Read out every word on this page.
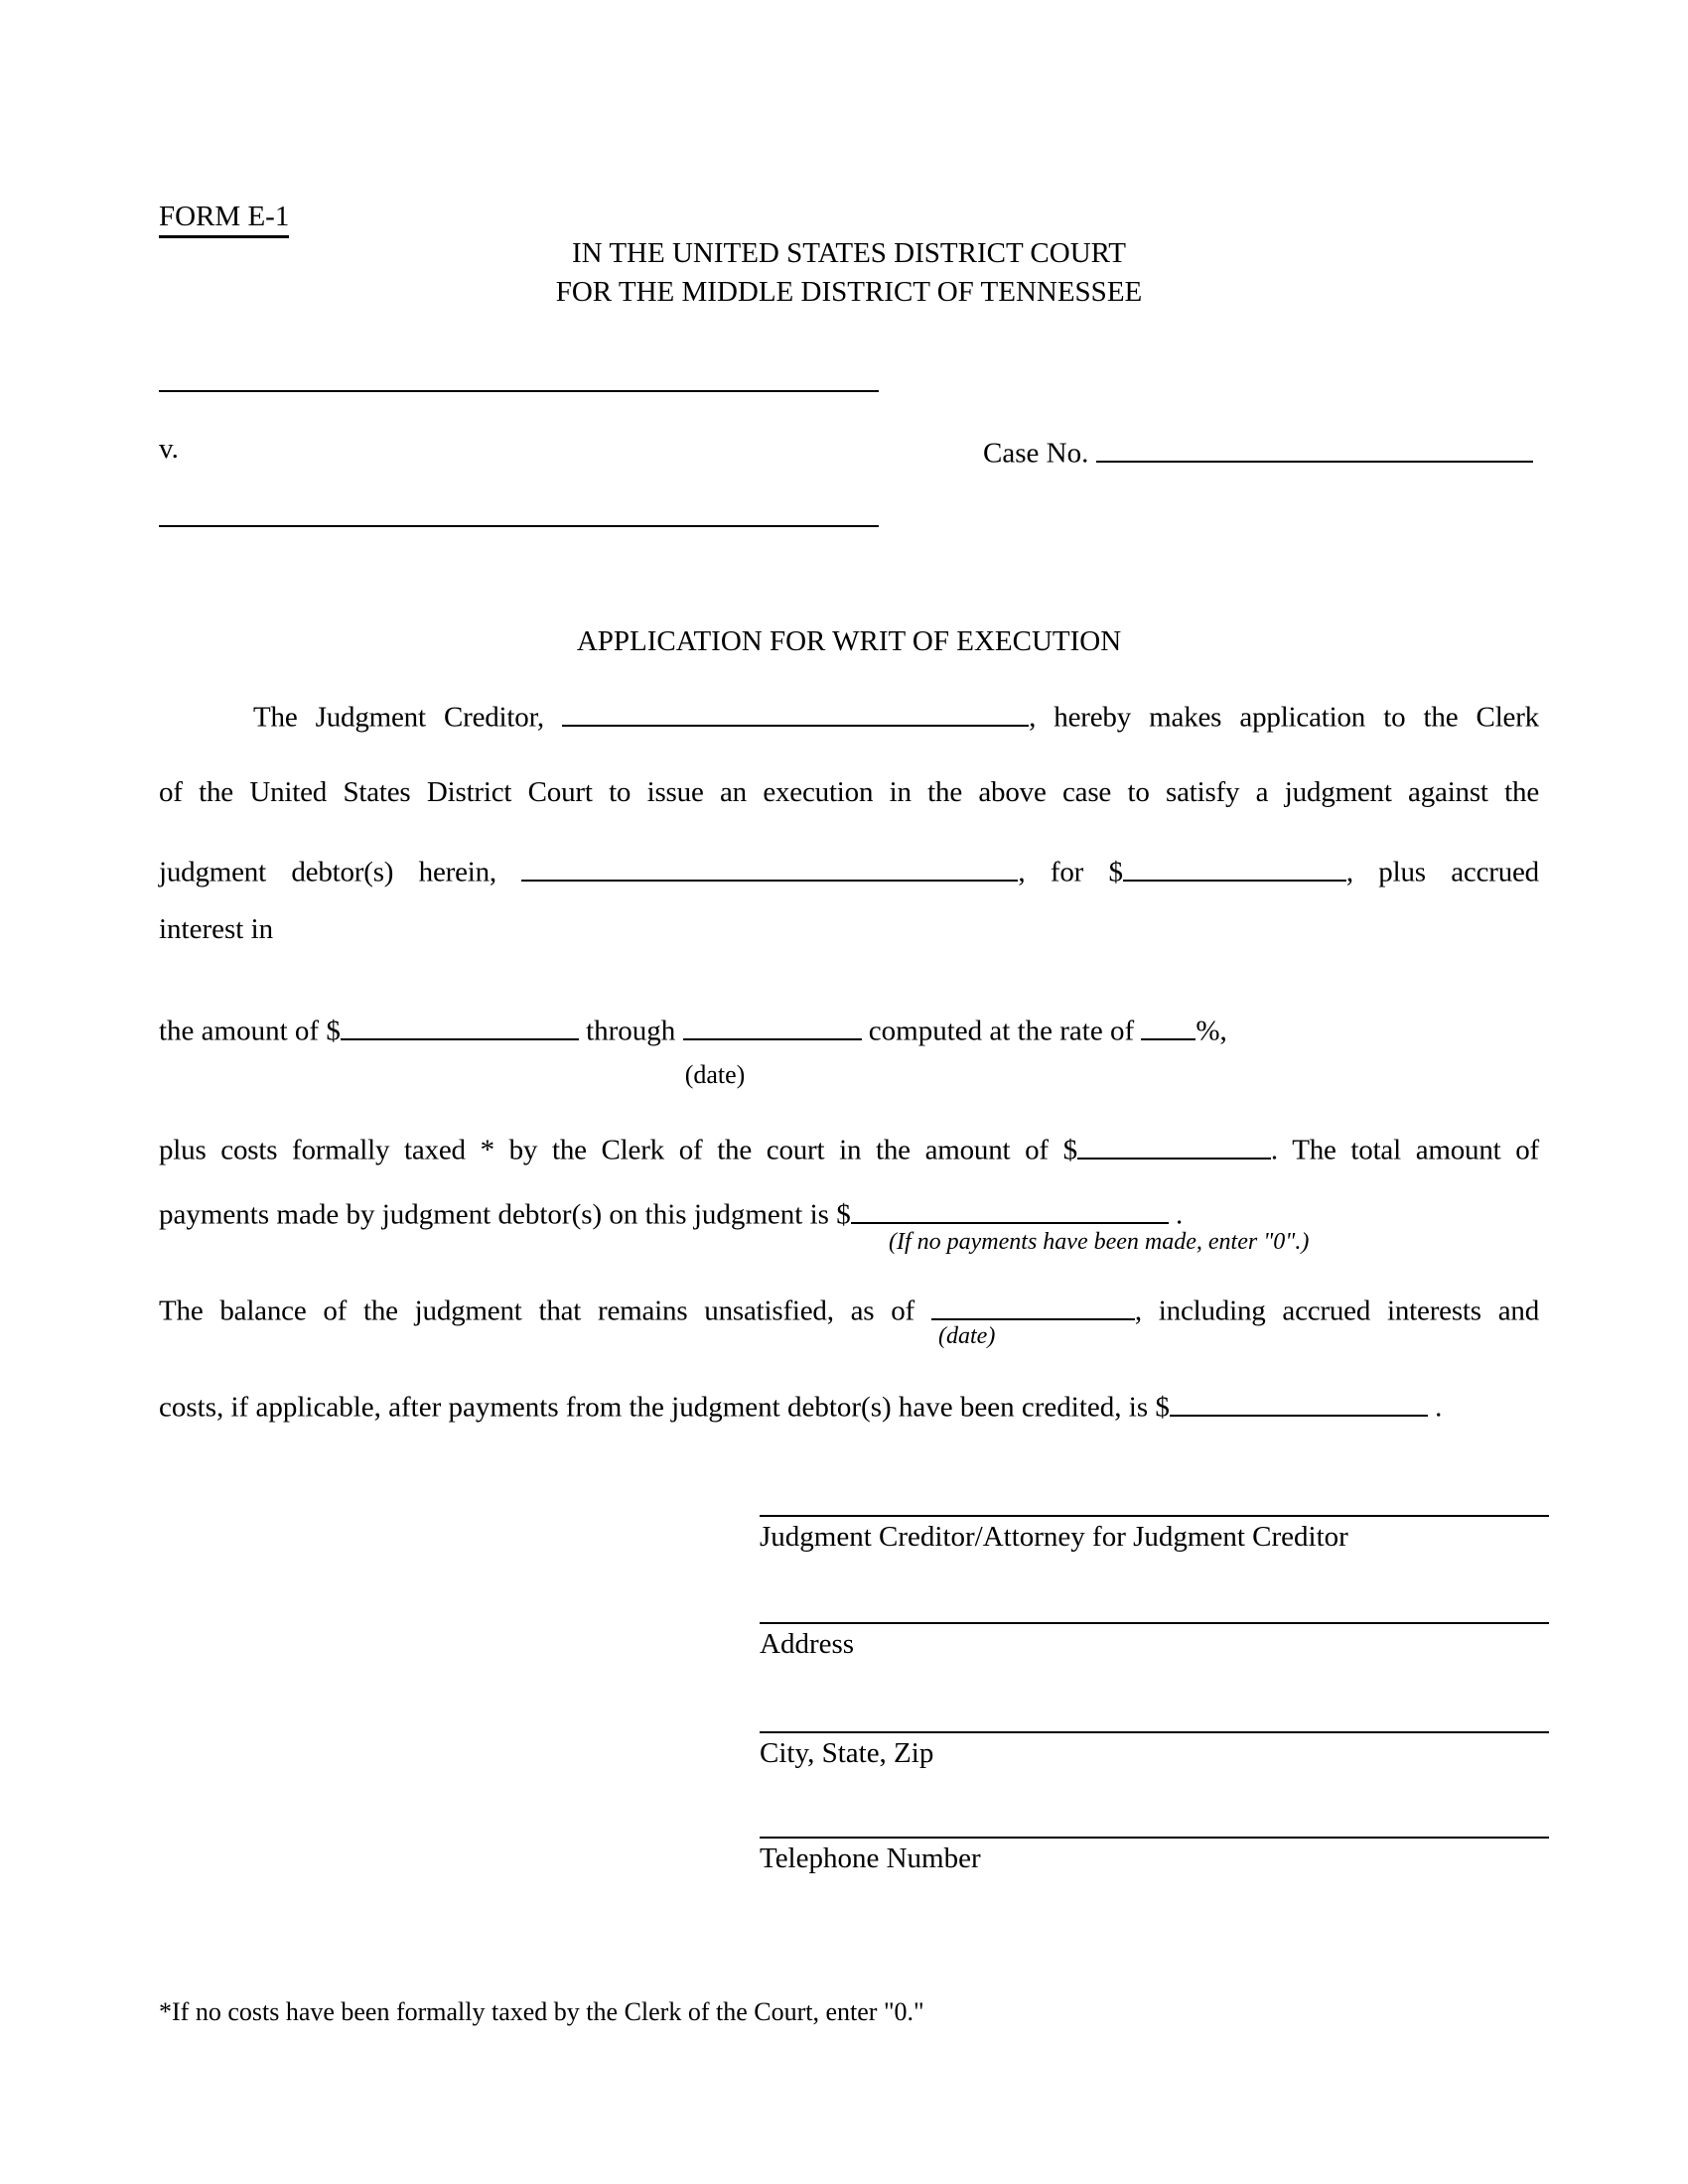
FORM E-1
IN THE UNITED STATES DISTRICT COURT
FOR THE MIDDLE DISTRICT OF TENNESSEE
v.	Case No.
APPLICATION FOR WRIT OF EXECUTION
The Judgment Creditor,	, hereby makes application to the Clerk
of the United States District Court to issue an execution in the above case to satisfy a judgment against the
judgment debtor(s) herein,	, for $	, plus accrued
interest in
the amount of $	through	computed at the rate of %,
(date)
plus costs formally taxed * by the Clerk of the court in the amount of $	. The total amount of
payments made by judgment debtor(s) on this judgment is $	.
(If no payments have been made, enter "0".)
The balance of the judgment that remains unsatisfied, as of	, including accrued interests and
(date)
costs, if applicable, after payments from the judgment debtor(s) have been credited, is $	.
Judgment Creditor/Attorney for Judgment Creditor
Address
City, State, Zip
Telephone Number
*If no costs have been formally taxed by the Clerk of the Court, enter "0."
